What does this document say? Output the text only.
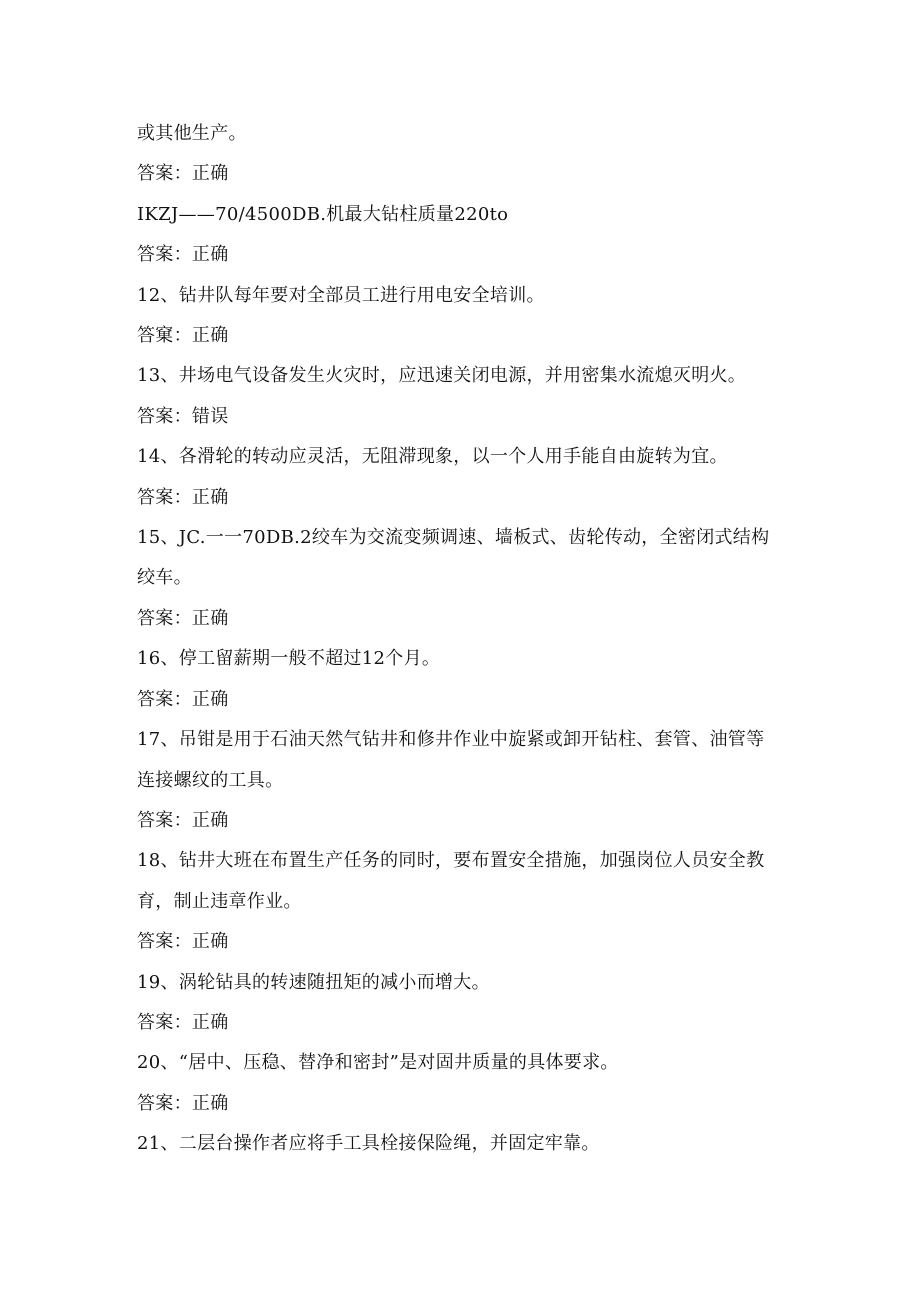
或其他生产。
答案：正确
IKZJ——70/4500DB.机最大钻柱质量220to
答案：正确
12、钻井队每年要对全部员工进行用电安全培训。
答窠：正确
13、井场电气设备发生火灾时，应迅速关闭电源，并用密集水流熄灭明火。
答案：错误
14、各滑轮的转动应灵活，无阻滞现象，以一个人用手能自由旋转为宜。
答案：正确
15、JC.一一70DB.2绞车为交流变频调速、墙板式、齿轮传动，全密闭式结构
绞车。
答案：正确
16、停工留薪期一般不超过12个月。
答案：正确
17、吊钳是用于石油天然气钻井和修井作业中旋紧或卸开钻柱、套管、油管等
连接螺纹的工具。
答案：正确
18、钻井大班在布置生产任务的同时，要布置安全措施，加强岗位人员安全教
育，制止违章作业。
答案：正确
19、涡轮钻具的转速随扭矩的减小而增大。
答案：正确
20、“居中、压稳、替净和密封”是对固井质量的具体要求。
答案：正确
21、二层台操作者应将手工具栓接保险绳，并固定牢靠。
